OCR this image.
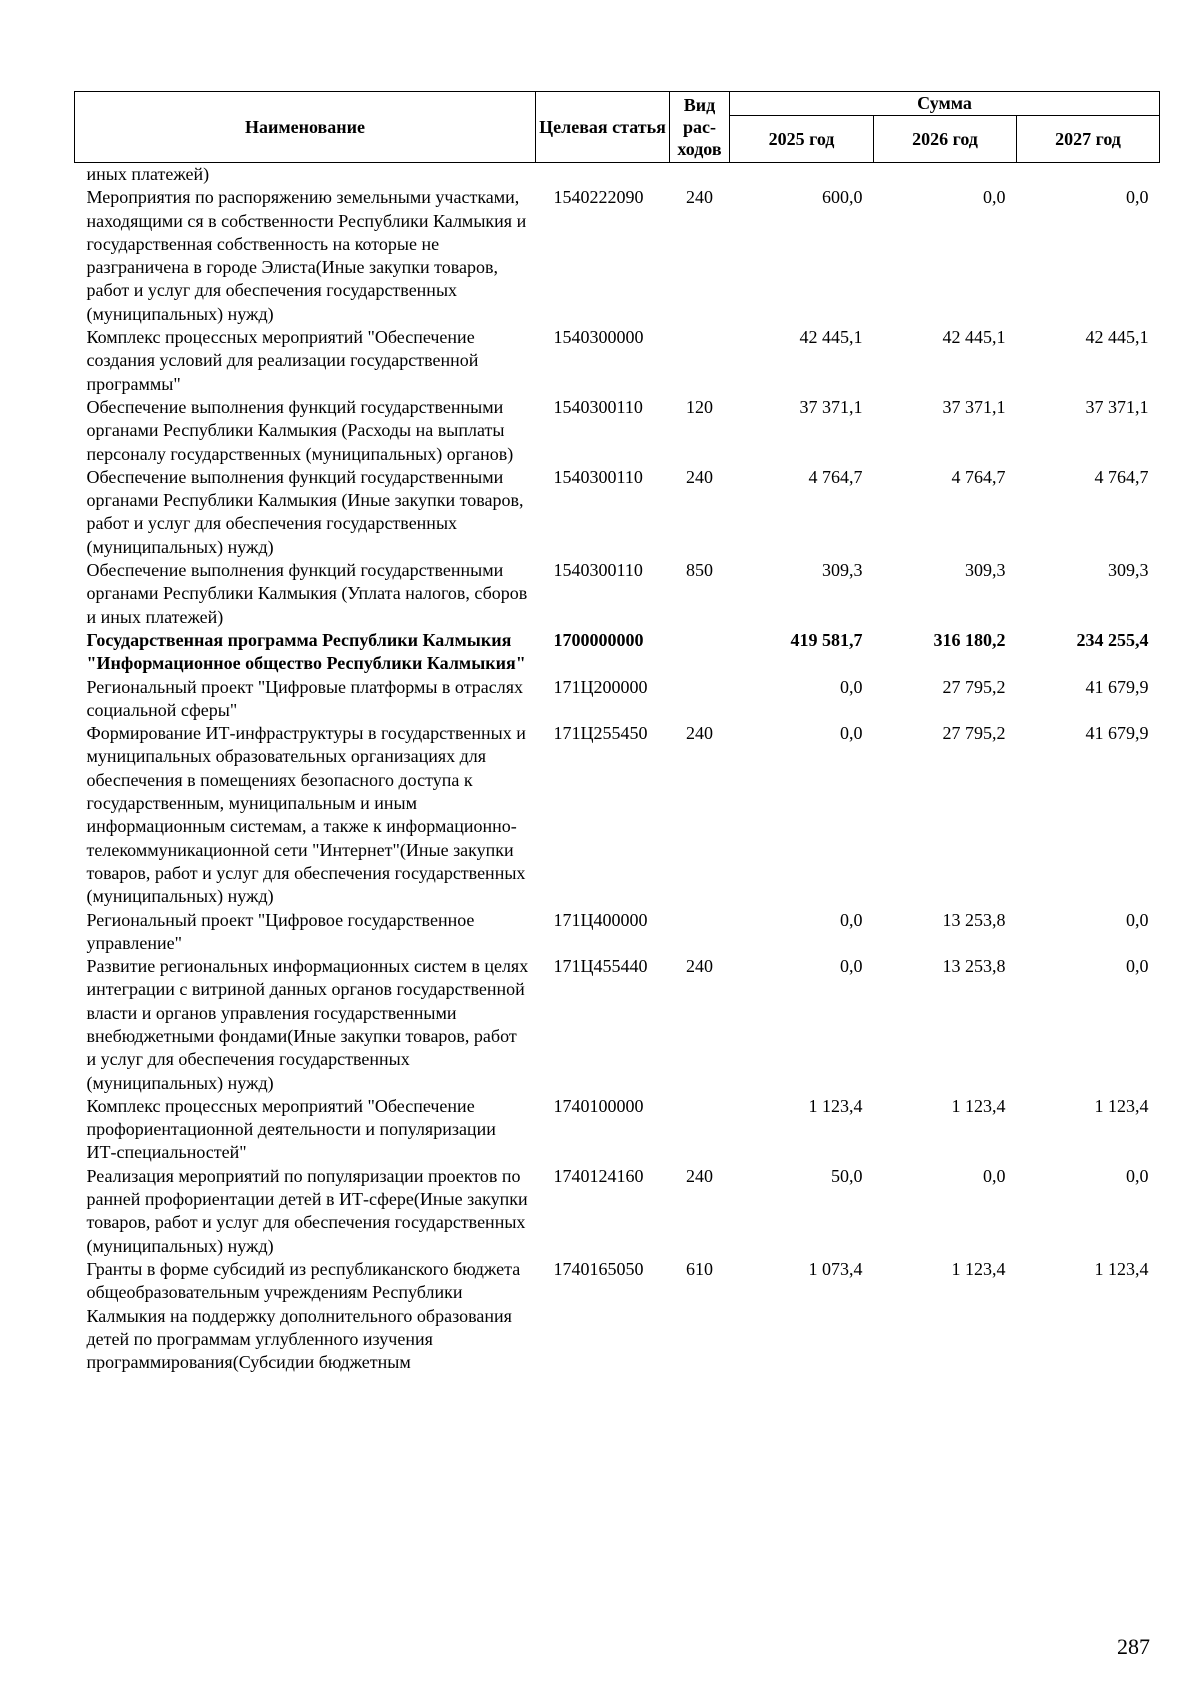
Наименование	Целевая статья	Вид рас-ходов	Сумма		
			2025 год	2026 год	2027 год
иных платежей)					
Мероприятия по распоряжению земельными участками, находящими ся в собственности Республики Калмыкия и государственная собственность на которые не разграничена в городе Элиста(Иные закупки товаров, работ и услуг для обеспечения государственных (муниципальных) нужд)	1540222090	240	600,0	0,0	0,0
Комплекс процессных мероприятий "Обеспечение создания условий для реализации государственной программы"	1540300000		42 445,1	42 445,1	42 445,1
Обеспечение выполнения функций государственными органами Республики Калмыкия (Расходы на выплаты персоналу государственных (муниципальных) органов)	1540300110	120	37 371,1	37 371,1	37 371,1
Обеспечение выполнения функций государственными органами Республики Калмыкия (Иные закупки товаров, работ и услуг для обеспечения государственных (муниципальных) нужд)	1540300110	240	4 764,7	4 764,7	4 764,7
Обеспечение выполнения функций государственными органами Республики Калмыкия (Уплата налогов, сборов и иных платежей)	1540300110	850	309,3	309,3	309,3
Государственная программа Республики Калмыкия "Информационное общество Республики Калмыкия"	1700000000		419 581,7	316 180,2	234 255,4
Региональный проект "Цифровые платформы в отраслях социальной сферы"	171Ц200000		0,0	27 795,2	41 679,9
Формирование ИТ-инфраструктуры в государственных и муниципальных образовательных организациях для обеспечения в помещениях безопасного доступа к государственным, муниципальным и иным информационным системам, а также к информационно-телекоммуникационной сети "Интернет"(Иные закупки товаров, работ и услуг для обеспечения государственных (муниципальных) нужд)	171Ц255450	240	0,0	27 795,2	41 679,9
Региональный проект "Цифровое государственное управление"	171Ц400000		0,0	13 253,8	0,0
Развитие региональных информационных систем в целях интеграции с витриной данных органов государственной власти и органов управления государственными внебюджетными фондами(Иные закупки товаров, работ и услуг для обеспечения государственных (муниципальных) нужд)	171Ц455440	240	0,0	13 253,8	0,0
Комплекс процессных мероприятий "Обеспечение профориентационной деятельности и популяризации ИТ-специальностей"	1740100000		1 123,4	1 123,4	1 123,4
Реализация мероприятий по популяризации проектов по ранней профориентации детей в ИТ-сфере(Иные закупки товаров, работ и услуг для обеспечения государственных (муниципальных) нужд)	1740124160	240	50,0	0,0	0,0
Гранты в форме субсидий из республиканского бюджета общеобразовательным учреждениям Республики Калмыкия на поддержку дополнительного образования детей по программам углубленного изучения программирования(Субсидии бюджетным	1740165050	610	1 073,4	1 123,4	1 123,4
287
